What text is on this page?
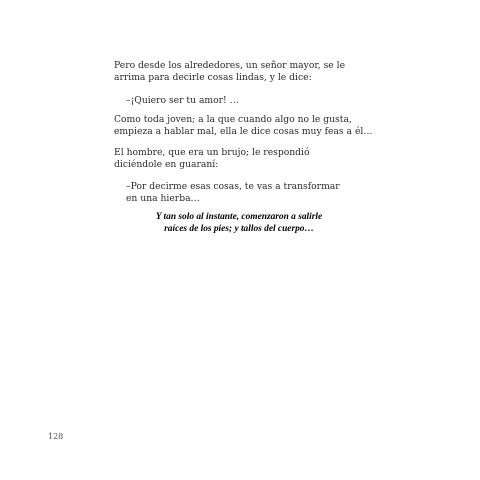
Pero desde los alrededores, un señor mayor, se le
arrima para decirle cosas lindas, y le dice:

–¡Quiero ser tu amor! …

Como toda joven; a la que cuando algo no le gusta,
empieza a hablar mal, ella le dice cosas muy feas a él…

El hombre, que era un brujo; le respondió
diciéndole en guaraní:

–Por decirme esas cosas, te vas a transformar
en una hierba…

Y tan solo al instante, comenzaron a salirle
raíces de los pies; y tallos del cuerpo…

128
